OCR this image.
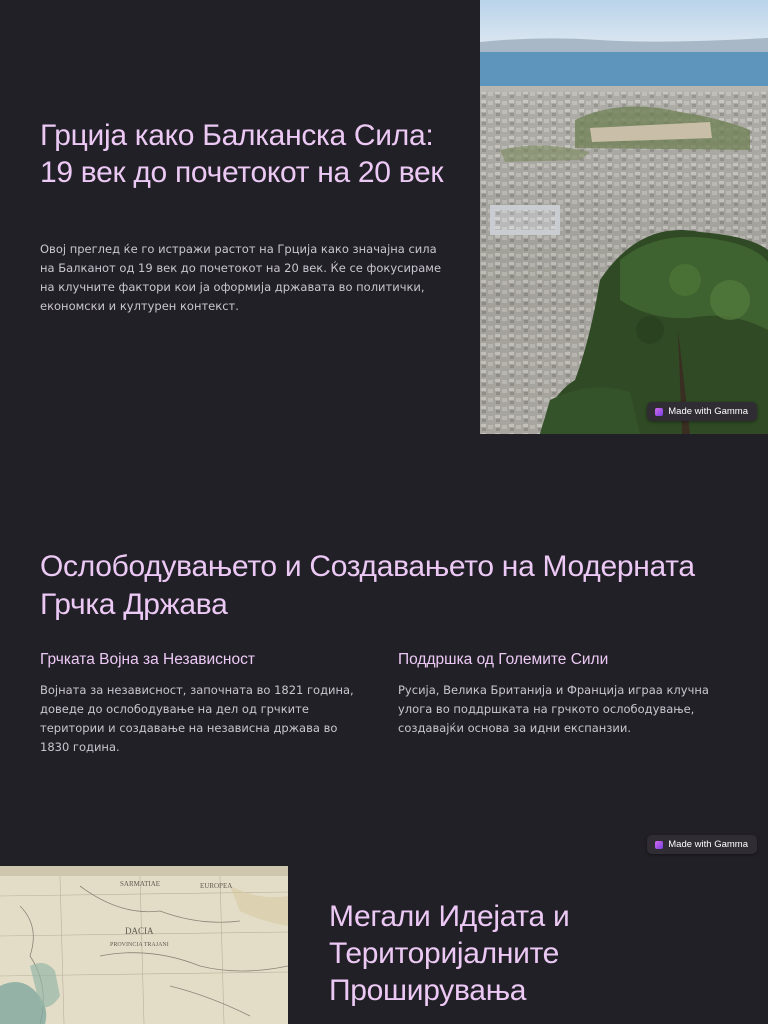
Грција како Балканска Сила: 19 век до почетокот на 20 век

Овој преглед ќе го истражи растот на Грција како значајна сила на Балканот од 19 век до почетокот на 20 век. Ќе се фокусираме на клучните фактори кои ја оформија државата во политички, економски и културен контекст.

Made with Gamma
Ослободувањето и Создавањето на Модерната Грчка Држава
Грчката Војна за Независност

Војната за независност, започната во 1821 година, доведе до ослободување на дел од грчките територии и создавање на независна држава во 1830 година.

Поддршка од Големите Сили

Русија, Велика Британија и Франција играа клучна улога во поддршката на грчкото ослободување, создавајќи основа за идни експанзии.

Made with Gamma
SARMATIAE	EUROPEA
DACIA
PROVINCIA TRAJANI
Мегали Идејата и Територијалните Проширувања
